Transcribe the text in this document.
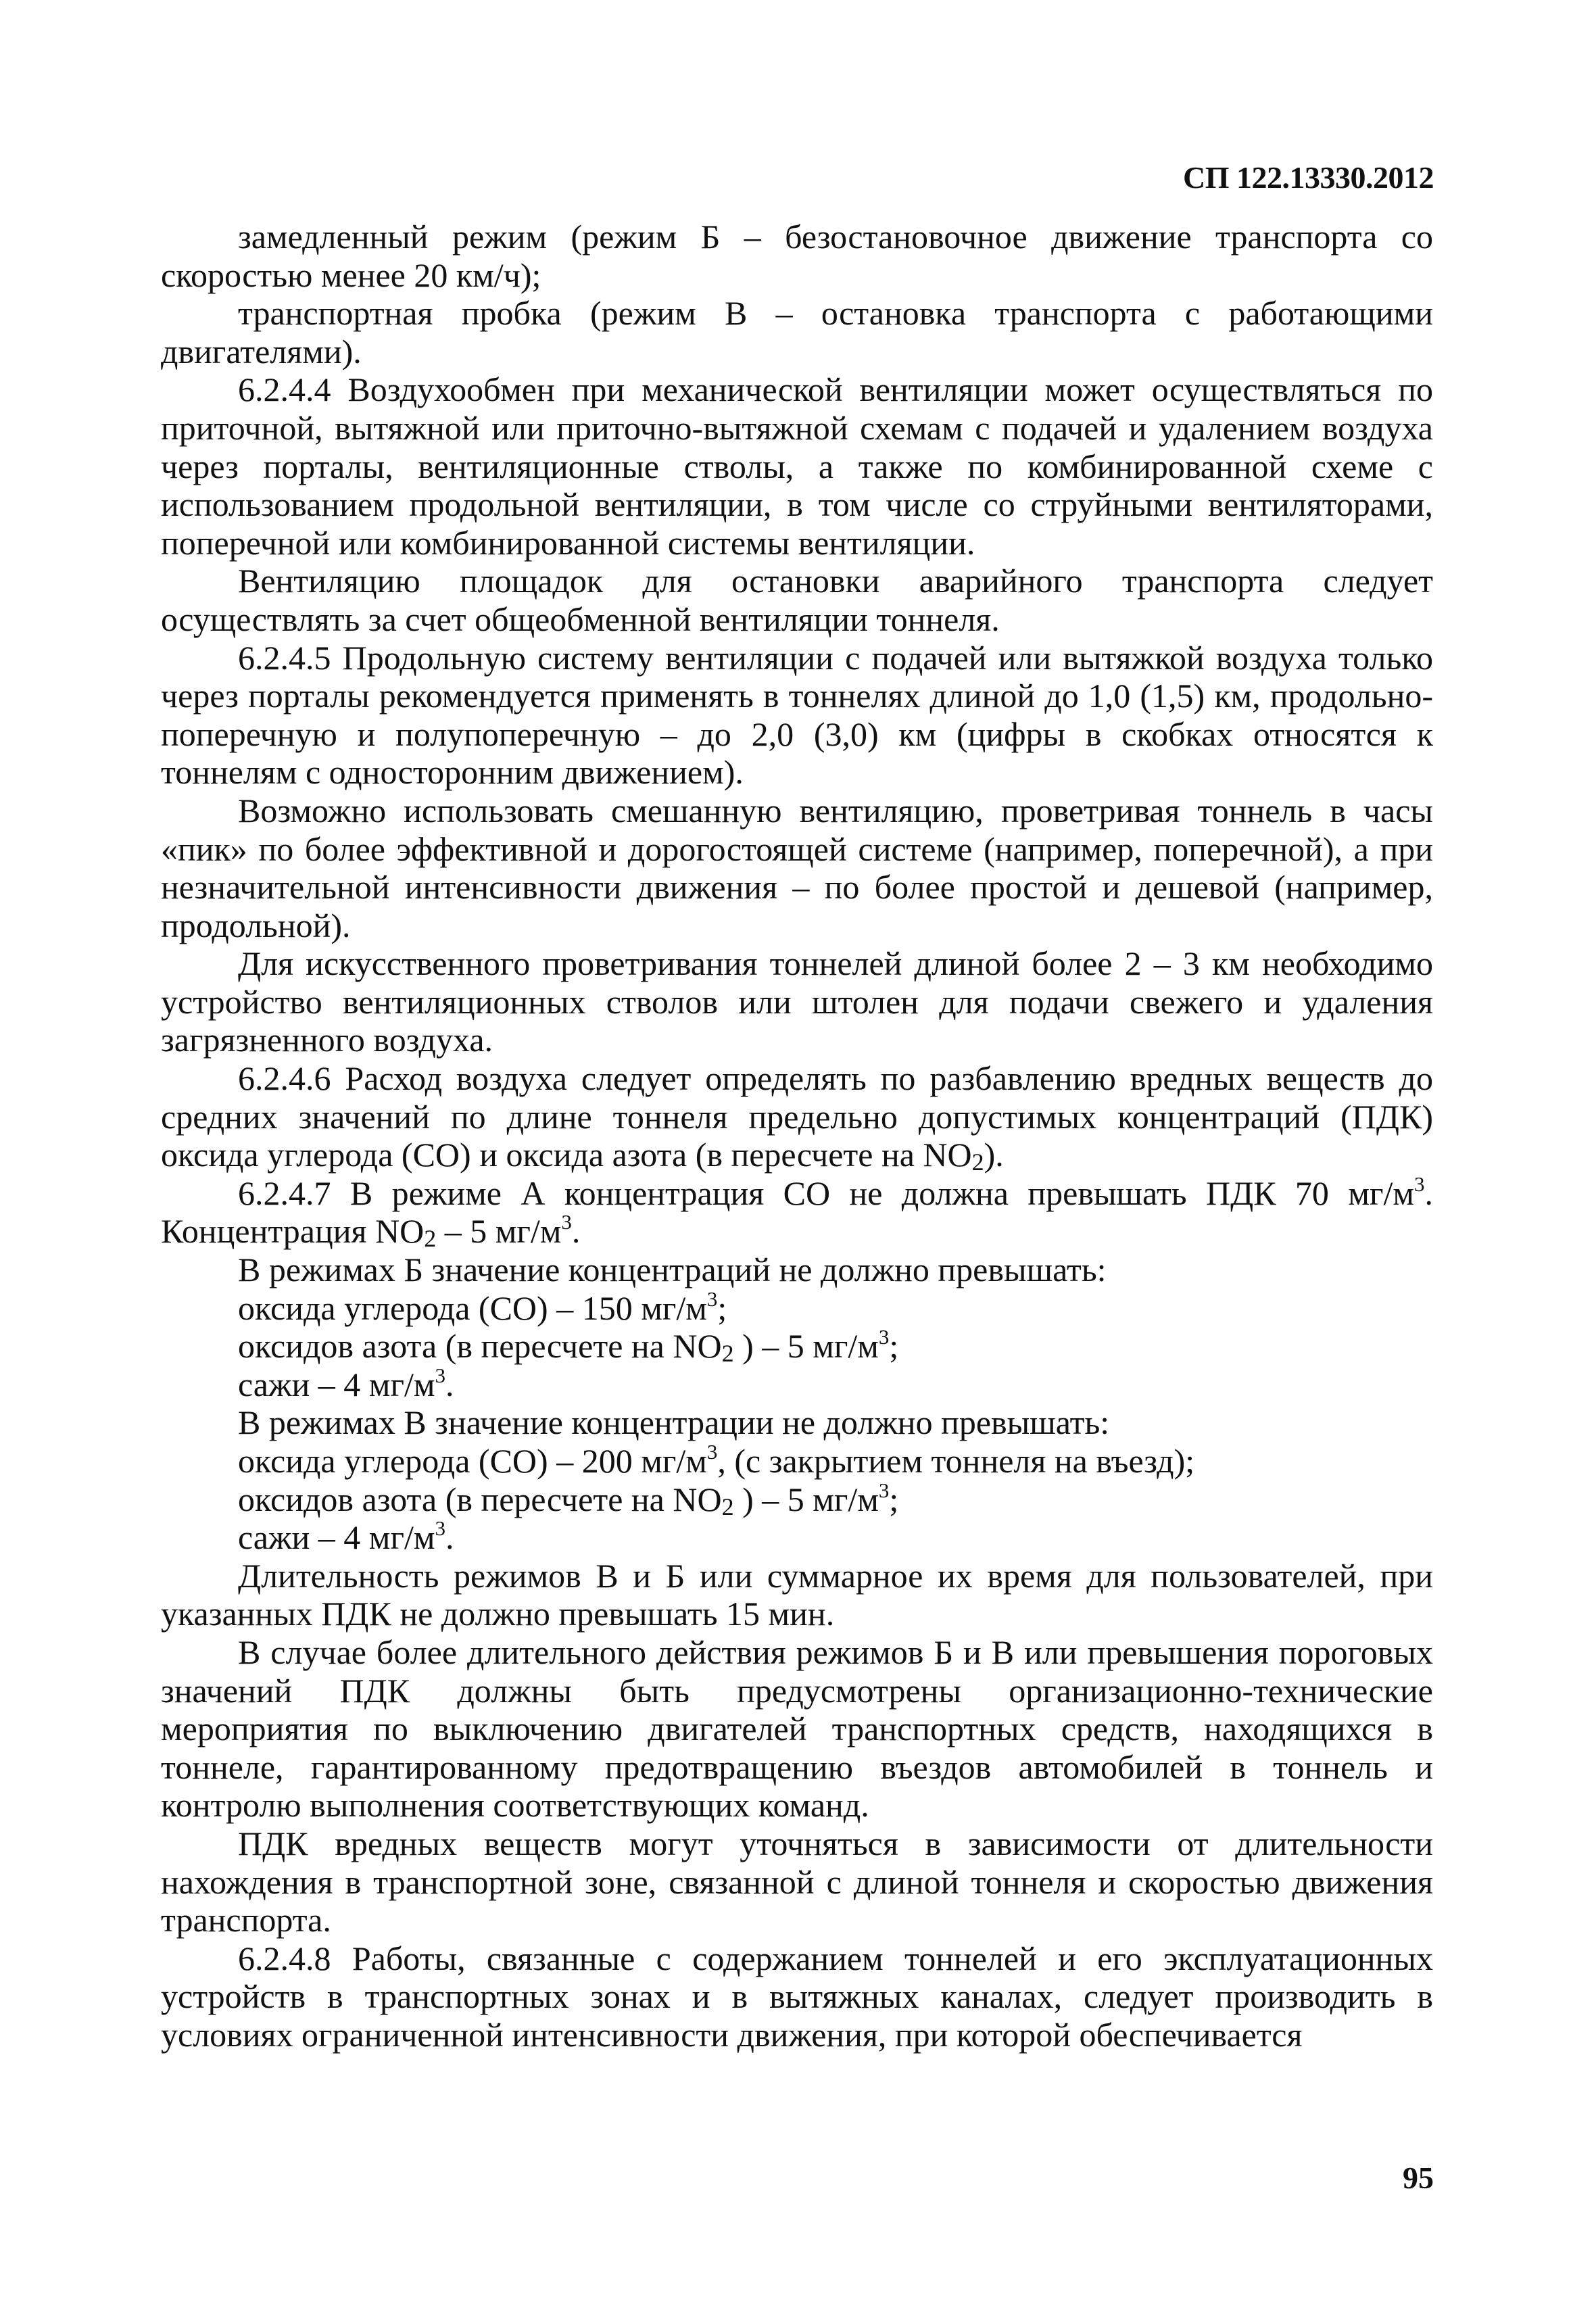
СП 122.13330.2012

замедленный режим (режим Б – безостановочное движение транспорта со скоростью менее 20 км/ч);

транспортная пробка (режим В – остановка транспорта с работающими двигателями).

6.2.4.4 Воздухообмен при механической вентиляции может осуществляться по приточной, вытяжной или приточно-вытяжной схемам с подачей и удалением воздуха через порталы, вентиляционные стволы, а также по комбинированной схеме с использованием продольной вентиляции, в том числе со струйными вентиляторами, поперечной или комбинированной системы вентиляции.

Вентиляцию площадок для остановки аварийного транспорта следует осуществлять за счет общеобменной вентиляции тоннеля.

6.2.4.5 Продольную систему вентиляции с подачей или вытяжкой воздуха только через порталы рекомендуется применять в тоннелях длиной до 1,0 (1,5) км, продольно-поперечную и полупоперечную – до 2,0 (3,0) км (цифры в скобках относятся к тоннелям с односторонним движением).

Возможно использовать смешанную вентиляцию, проветривая тоннель в часы «пик» по более эффективной и дорогостоящей системе (например, поперечной), а при незначительной интенсивности движения – по более простой и дешевой (например, продольной).

Для искусственного проветривания тоннелей длиной более 2 – 3 км необходимо устройство вентиляционных стволов или штолен для подачи свежего и удаления загрязненного воздуха.

6.2.4.6 Расход воздуха следует определять по разбавлению вредных веществ до средних значений по длине тоннеля предельно допустимых концентраций (ПДК) оксида углерода (СО) и оксида азота (в пересчете на $NO_2$).

6.2.4.7 В режиме А концентрация СО не должна превышать ПДК 70 $мг/м^3$. Концентрация $NO_2 - 5$ $мг/м^3$.

В режимах Б значение концентраций не должно превышать:

оксида углерода (СО) – 150 $мг/м^3$;

оксидов азота (в пересчете на $NO_2$ ) – 5 $мг/м^3$;

сажи – 4 $мг/м^3$.

В режимах В значение концентрации не должно превышать:

оксида углерода (СО) – 200 $мг/м^3$, (с закрытием тоннеля на въезд);

оксидов азота (в пересчете на $NO_2$ ) – 5 $мг/м^3$;

сажи – 4 $мг/м^3$.

Длительность режимов В и Б или суммарное их время для пользователей, при указанных ПДК не должно превышать 15 мин.

В случае более длительного действия режимов Б и В или превышения пороговых значений ПДК должны быть предусмотрены организационно-технические мероприятия по выключению двигателей транспортных средств, находящихся в тоннеле, гарантированному предотвращению въездов автомобилей в тоннель и контролю выполнения соответствующих команд.

ПДК вредных веществ могут уточняться в зависимости от длительности нахождения в транспортной зоне, связанной с длиной тоннеля и скоростью движения транспорта.

6.2.4.8 Работы, связанные с содержанием тоннелей и его эксплуатационных устройств в транспортных зонах и в вытяжных каналах, следует производить в условиях ограниченной интенсивности движения, при которой обеспечивается

95
